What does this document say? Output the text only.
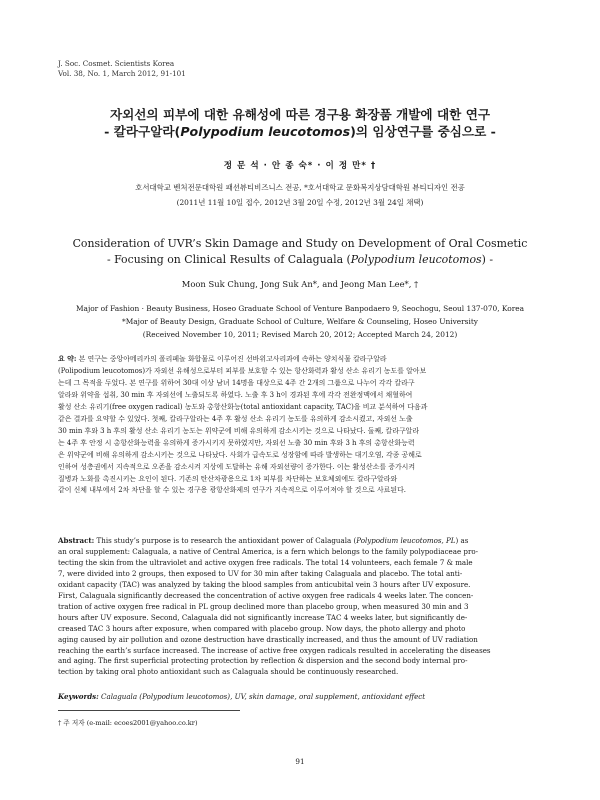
J. Soc. Cosmet. Scientists Korea
Vol. 38, No. 1, March 2012, 91-101
자외선의 피부에 대한 유해성에 따른 경구용 화장품 개발에 대한 연구
- 칼라구알라(Polypodium leucotomos)의 임상연구를 중심으로 -
정 문 석 · 안 종 숙* · 이 정 만* †
호서대학교 벤처전문대학원 패션뷰티비즈니스 전공, *호서대학교 문화복지상담대학원 뷰티디자인 전공
(2011년 11월 10일 접수, 2012년 3월 20일 수정, 2012년 3월 24일 채택)
Consideration of UVR’s Skin Damage and Study on Development of Oral Cosmetic
- Focusing on Clinical Results of Calaguala (Polypodium leucotomos) -
Moon Suk Chung, Jong Suk An*, and Jeong Man Lee*, †
Major of Fashion · Beauty Business, Hoseo Graduate School of Venture Banpodaero 9, Seochogu, Seoul 137-070, Korea
*Major of Beauty Design, Graduate School of Culture, Welfare & Counseling, Hoseo University
(Received November 10, 2011; Revised March 20, 2012; Accepted March 24, 2012)
요 약: 본 연구는 중앙아메리카의 폴리페놀 화합물로 이루어진 선바위고사리과에 속하는 양치식물 칼라구알라
(Polipodium leucotomos)가 자외선 유해성으로부터 피부를 보호할 수 있는 항산화력과 활성 산소 유리기 농도를 알아보
는데 그 목적을 두었다. 본 연구를 위하여 30대 이상 남녀 14명을 대상으로 4주 간 2개의 그룹으로 나누어 각각 칼라구
알라와 위약을 섭취, 30 min 후 자외선에 노출되도록 하였다. 노출 후 3 h이 경과된 후에 각각 전완정맥에서 채혈하여
활성 산소 유리기(free oxygen radical) 농도와 총항산화능(total antioxidant capacity, TAC)을 비교 분석하여 다음과
같은 결과를 요약할 수 있었다. 첫째, 칼라구알라는 4주 후 활성 산소 유리기 농도를 유의하게 감소시켰고, 자외선 노출
30 min 후와 3 h 후의 활성 산소 유리기 농도는 위약군에 비해 유의하게 감소시키는 것으로 나타났다. 둘째, 칼라구알라
는 4주 후 안정 시 총항산화능력을 유의하게 증가시키지 못하였지만, 자외선 노출 30 min 후와 3 h 후의 총항산화능력
은 위약군에 비해 유의하게 감소시키는 것으로 나타났다. 사회가 급속도로 성장함에 따라 발생하는 대기오염, 각종 공해로
인하여 성층권에서 지속적으로 오존을 감소시켜 지상에 도달하는 유해 자외선량이 증가한다. 이는 활성산소를 증가시켜
질병과 노화를 촉진시키는 요인이 된다. 기존의 탄산차광용으로 1차 피부를 차단하는 보호체외에도 칼라구알라와
같이 신체 내부에서 2차 차단을 할 수 있는 경구용 광항산화제의 연구가 지속적으로 이루어져야 할 것으로 사료된다.
Abstract: This study’s purpose is to research the antioxidant power of Calaguala (Polypodium leucotomos, PL) as
an oral supplement: Calaguala, a native of Central America, is a fern which belongs to the family polypodiaceae pro-
tecting the skin from the ultraviolet and active oxygen free radicals. The total 14 volunteers, each female 7 & male
7, were divided into 2 groups, then exposed to UV for 30 min after taking Calaguala and placebo. The total anti-
oxidant capacity (TAC) was analyzed by taking the blood samples from anticubital vein 3 hours after UV exposure.
First, Calaguala significantly decreased the concentration of active oxygen free radicals 4 weeks later. The concen-
tration of active oxygen free radical in PL group declined more than placebo group, when measured 30 min and 3
hours after UV exposure. Second, Calaguala did not significantly increase TAC 4 weeks later, but significantly de-
creased TAC 3 hours after exposure, when compared with placebo group. Now days, the photo allergy and photo
aging caused by air pollution and ozone destruction have drastically increased, and thus the amount of UV radiation
reaching the earth’s surface increased. The increase of active free oxygen radicals resulted in accelerating the diseases
and aging. The first superficial protecting protection by reflection & dispersion and the second body internal pro-
tection by taking oral photo antioxidant such as Calaguala should be continuously researched.
Keywords: Calaguala (Polypodium leucotomos), UV, skin damage, oral supplement, antioxidant effect
† 주 저자 (e-mail: ecoes2001@yahoo.co.kr)
91
